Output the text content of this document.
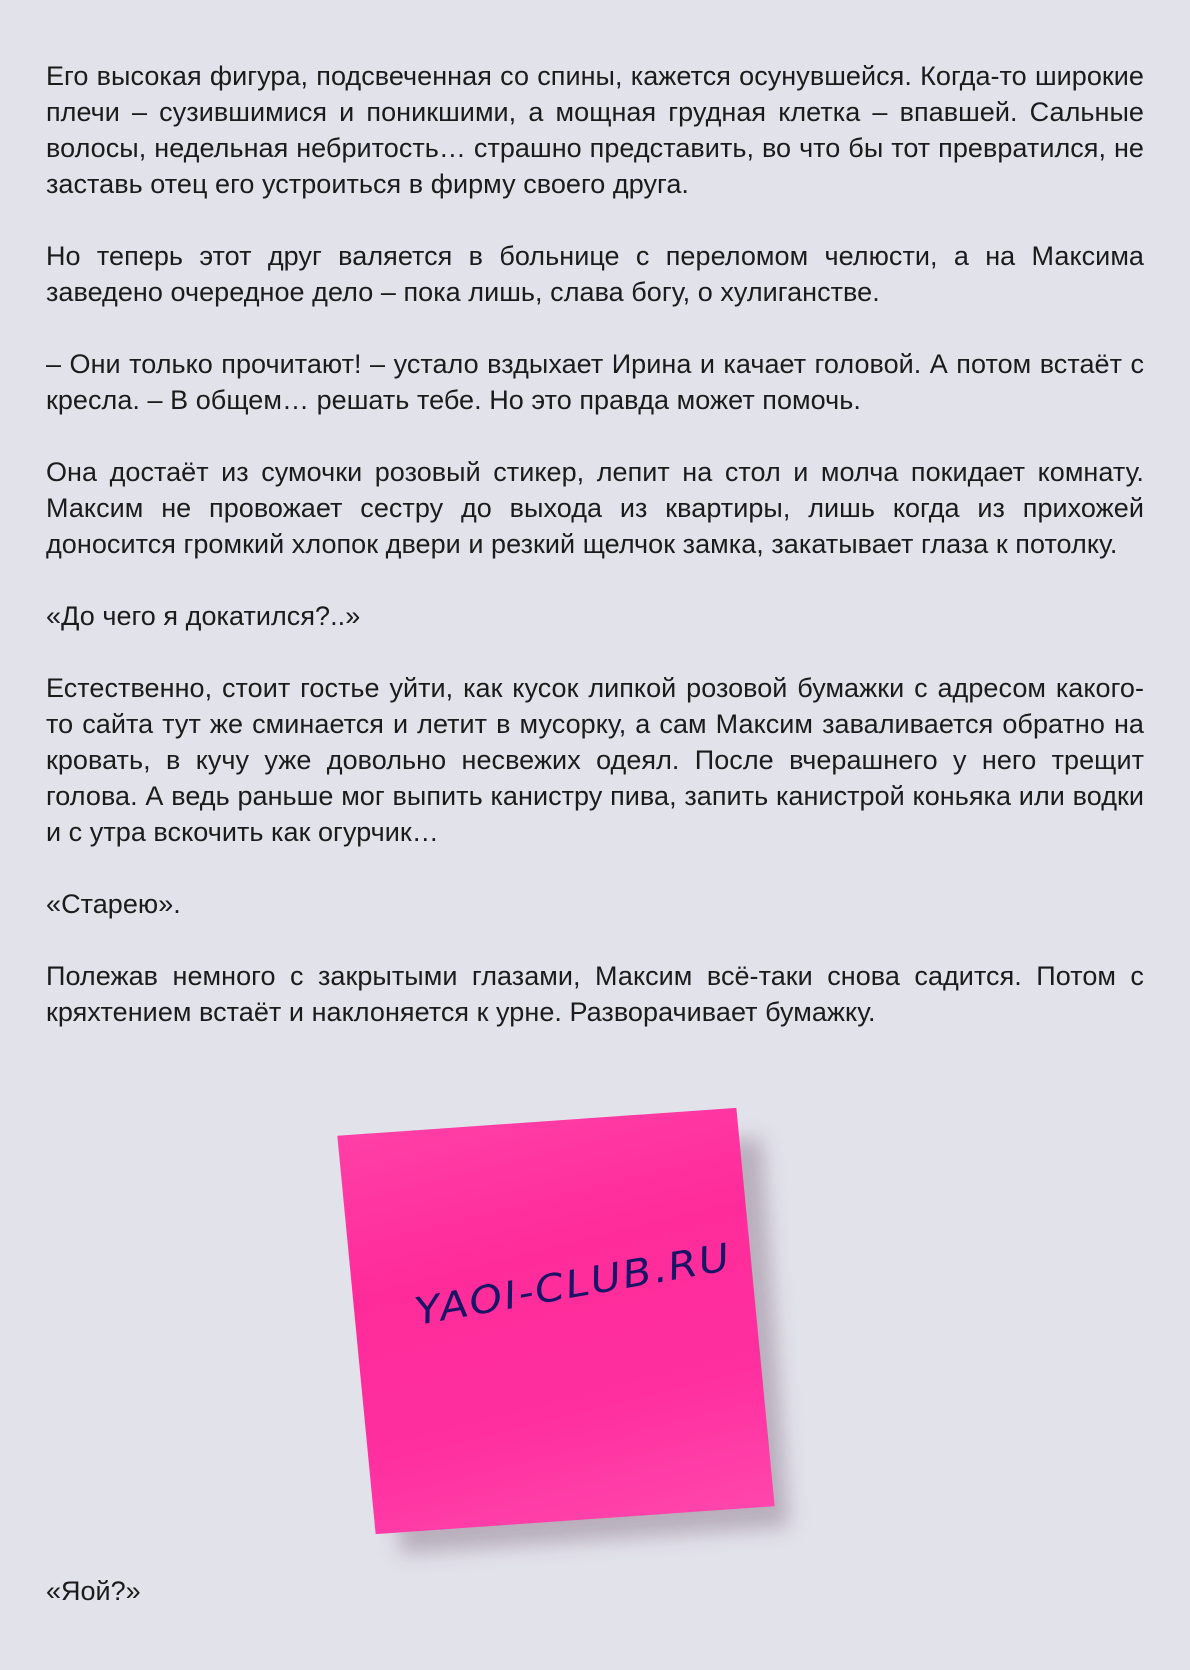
Его высокая фигура, подсвеченная со спины, кажется осунувшейся. Когда-то широкие плечи – сузившимися и поникшими, а мощная грудная клетка – впавшей. Сальные волосы, недельная небритость… страшно представить, во что бы тот превратился, не заставь отец его устроиться в фирму своего друга.

Но теперь этот друг валяется в больнице с переломом челюсти, а на Максима заведено очередное дело – пока лишь, слава богу, о хулиганстве.

– Они только прочитают! – устало вздыхает Ирина и качает головой. А потом встаёт с кресла. – В общем… решать тебе. Но это правда может помочь.

Она достаёт из сумочки розовый стикер, лепит на стол и молча покидает комнату. Максим не провожает сестру до выхода из квартиры, лишь когда из прихожей доносится громкий хлопок двери и резкий щелчок замка, закатывает глаза к потолку.

«До чего я докатился?..»

Естественно, стоит гостье уйти, как кусок липкой розовой бумажки с адресом какого-то сайта тут же сминается и летит в мусорку, а сам Максим заваливается обратно на кровать, в кучу уже довольно несвежих одеял. После вчерашнего у него трещит голова. А ведь раньше мог выпить канистру пива, запить канистрой коньяка или водки и с утра вскочить как огурчик…

«Старею».

Полежав немного с закрытыми глазами, Максим всё-таки снова садится. Потом с кряхтением встаёт и наклоняется к урне. Разворачивает бумажку.

YAOI-CLUB.RU

«Яой?»
